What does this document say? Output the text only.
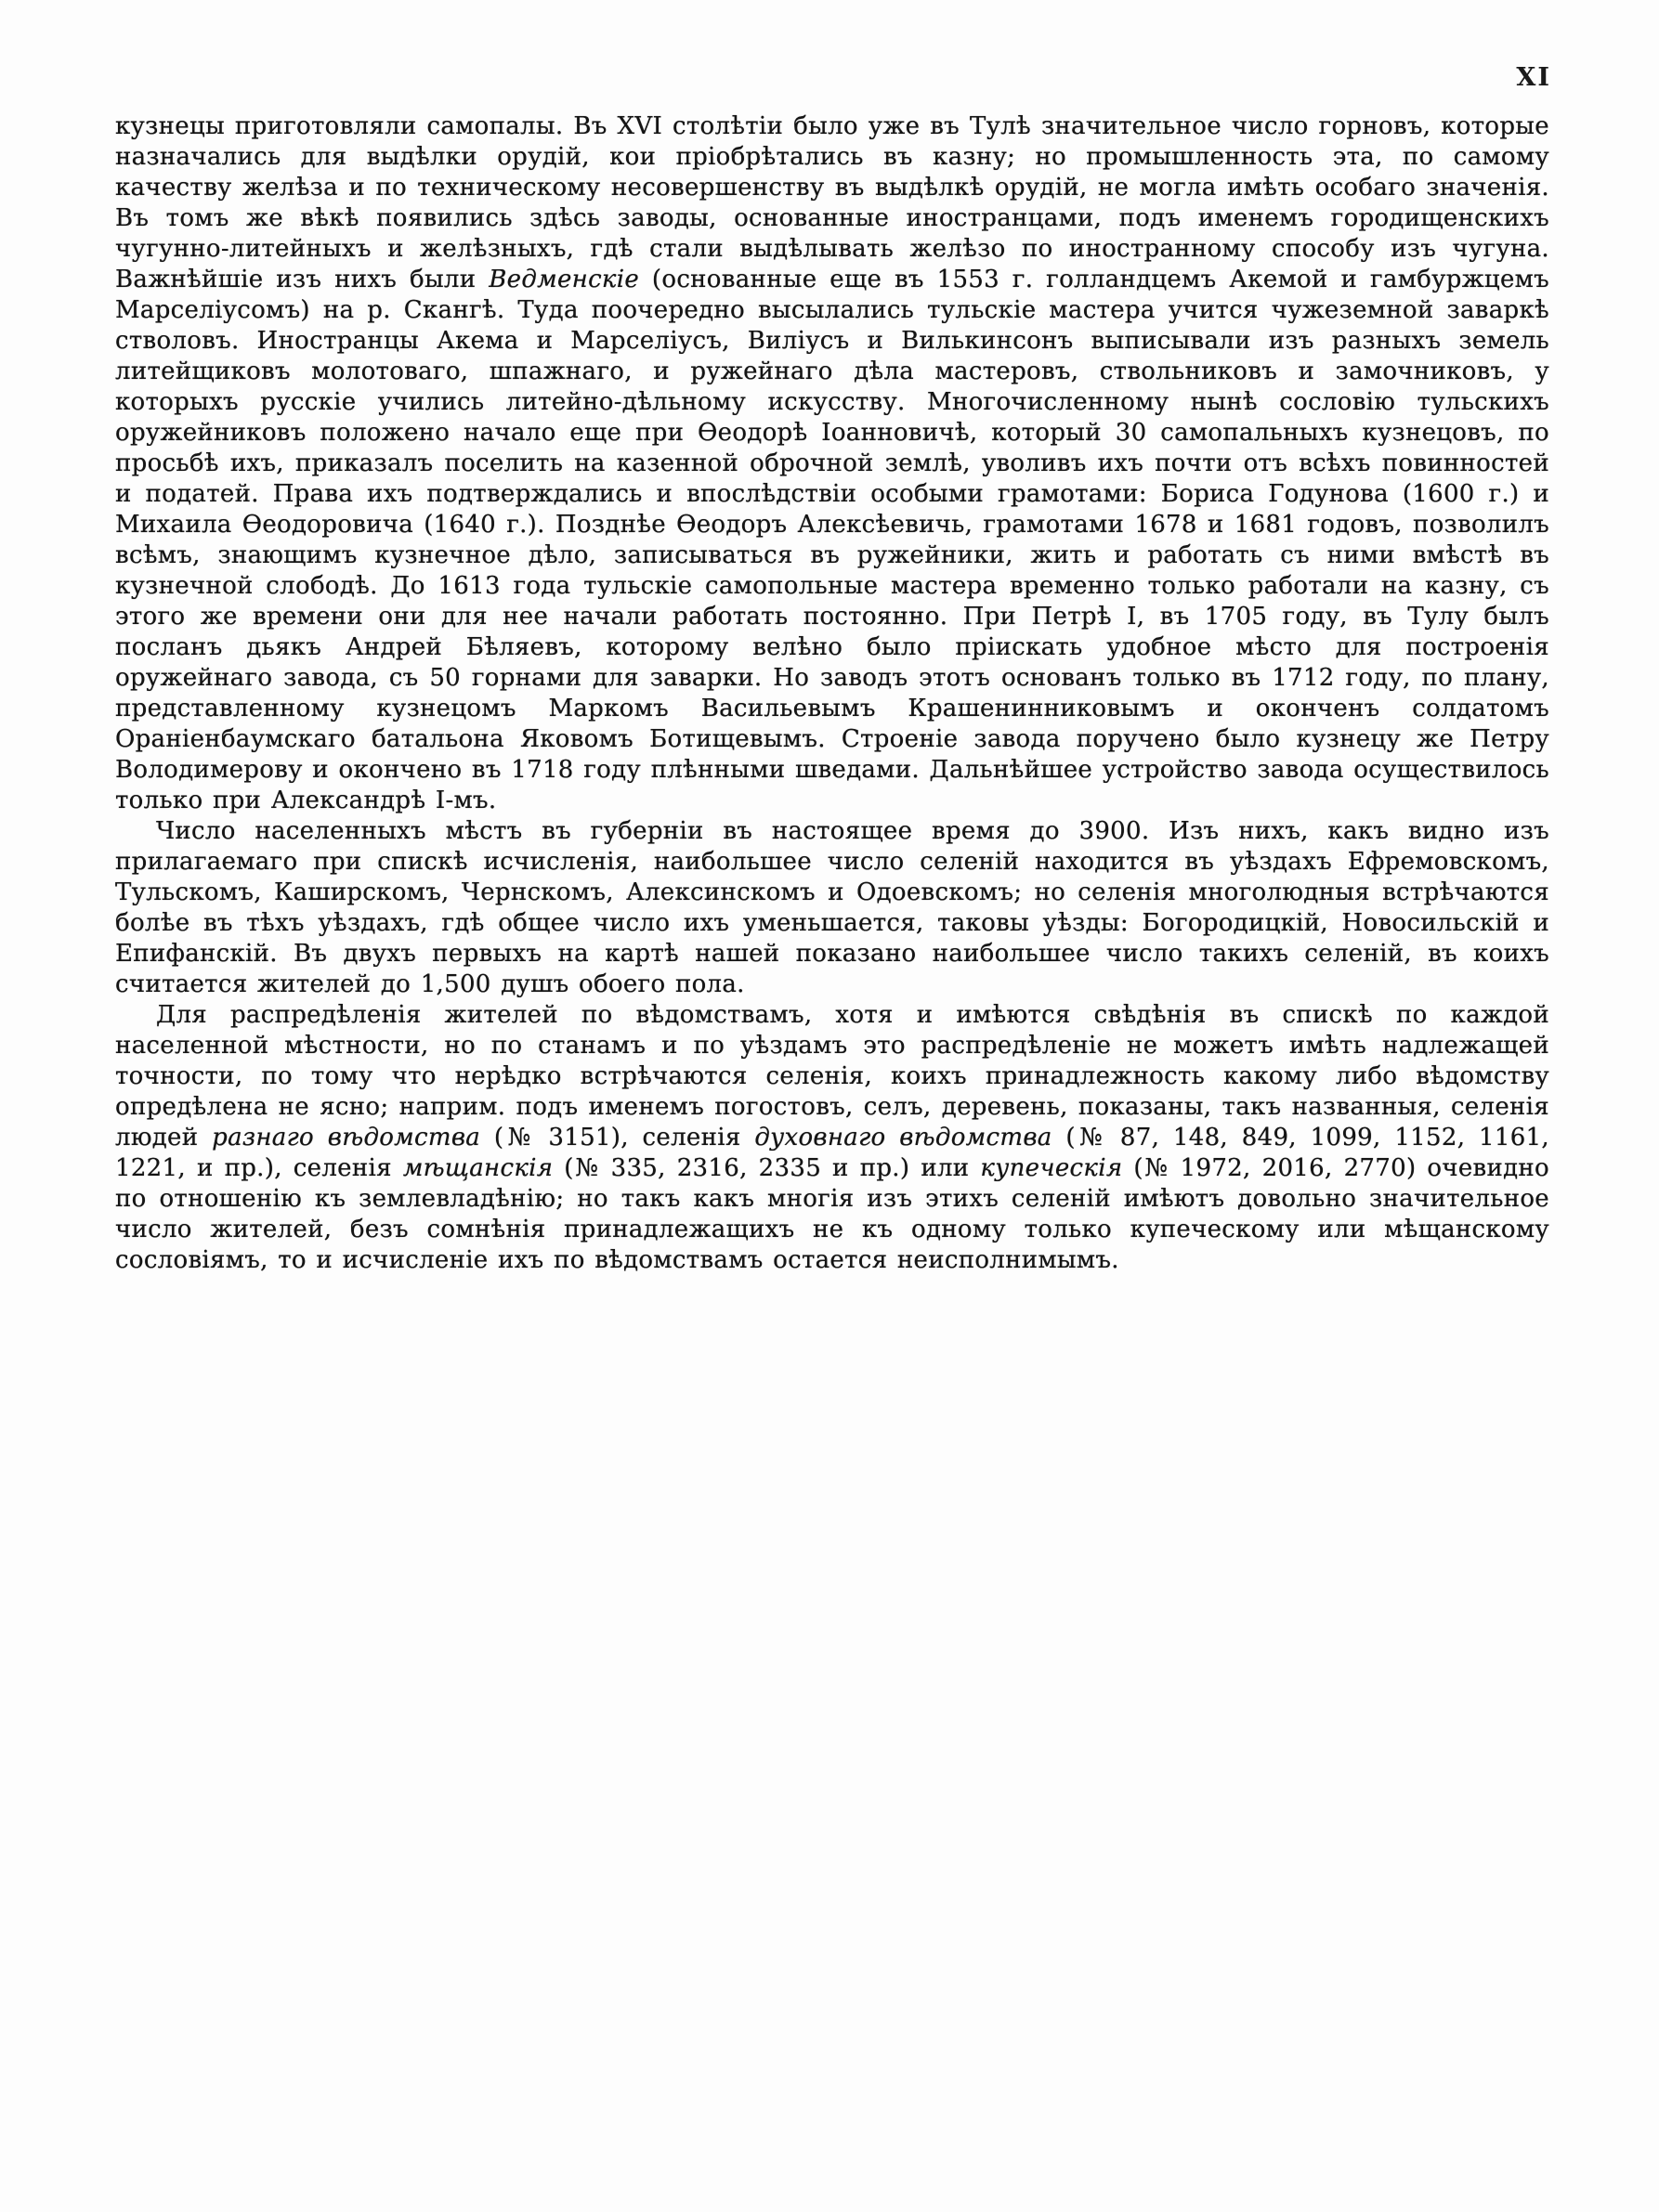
XI

кузнецы приготовляли самопалы. Въ XVI столѣтіи было уже въ Тулѣ значительное число горновъ, которые назначались для выдѣлки орудій, кои пріобрѣтались въ казну; но промышленность эта, по самому качеству желѣза и по техническому несовершенству въ выдѣлкѣ орудій, не могла имѣть особаго значенія. Въ томъ же вѣкѣ появились здѣсь заводы, основанные иностранцами, подъ именемъ городищенскихъ чугунно-литейныхъ и желѣзныхъ, гдѣ стали выдѣлывать желѣзо по иностранному способу изъ чугуна. Важнѣйшіе изъ нихъ были Ведменскіе (основанные еще въ 1553 г. голландцемъ Акемой и гамбуржцемъ Марселіусомъ) на р. Скангѣ. Туда поочередно высылались тульскіе мастера учится чужеземной заваркѣ стволовъ. Иностранцы Акема и Марселіусъ, Виліусъ и Вилькинсонъ выписывали изъ разныхъ земель литейщиковъ молотоваго, шпажнаго, и ружейнаго дѣла мастеровъ, ствольниковъ и замочниковъ, у которыхъ русскіе учились литейно-дѣльному искусству. Многочисленному нынѣ сословію тульскихъ оружейниковъ положено начало еще при Ѳеодорѣ Іоанновичѣ, который 30 самопальныхъ кузнецовъ, по просьбѣ ихъ, приказалъ поселить на казенной оброчной землѣ, уволивъ ихъ почти отъ всѣхъ повинностей и податей. Права ихъ подтверждались и впослѣдствіи особыми грамотами: Бориса Годунова (1600 г.) и Михаила Ѳеодоровича (1640 г.). Позднѣе Ѳеодоръ Алексѣевичь, грамотами 1678 и 1681 годовъ, позволилъ всѣмъ, знающимъ кузнечное дѣло, записываться въ ружейники, жить и работать съ ними вмѣстѣ въ кузнечной слободѣ. До 1613 года тульскіе самопольные мастера временно только работали на казну, съ этого же времени они для нее начали работать постоянно. При Петрѣ I, въ 1705 году, въ Тулу былъ посланъ дьякъ Андрей Бѣляевъ, которому велѣно было пріискать удобное мѣсто для построенія оружейнаго завода, съ 50 горнами для заварки. Но заводъ этотъ основанъ только въ 1712 году, по плану, представленному кузнецомъ Маркомъ Васильевымъ Крашенинниковымъ и оконченъ солдатомъ Ораніенбаумскаго батальона Яковомъ Ботищевымъ. Строеніе завода поручено было кузнецу же Петру Володимерову и окончено въ 1718 году плѣнными шведами. Дальнѣйшее устройство завода осуществилось только при Александрѣ I-мъ.

Число населенныхъ мѣстъ въ губерніи въ настоящее время до 3900. Изъ нихъ, какъ видно изъ прилагаемаго при спискѣ исчисленія, наибольшее число селеній находится въ уѣздахъ Ефремовскомъ, Тульскомъ, Каширскомъ, Чернскомъ, Алексинскомъ и Одоевскомъ; но селенія многолюдныя встрѣчаются болѣе въ тѣхъ уѣздахъ, гдѣ общее число ихъ уменьшается, таковы уѣзды: Богородицкій, Новосильскій и Епифанскій. Въ двухъ первыхъ на картѣ нашей показано наибольшее число такихъ селеній, въ коихъ считается жителей до 1,500 душъ обоего пола.

Для распредѣленія жителей по вѣдомствамъ, хотя и имѣются свѣдѣнія въ спискѣ по каждой населенной мѣстности, но по станамъ и по уѣздамъ это распредѣленіе не можетъ имѣть надлежащей точности, по тому что нерѣдко встрѣчаются селенія, коихъ принадлежность какому либо вѣдомству опредѣлена не ясно; наприм. подъ именемъ погостовъ, селъ, деревень, показаны, такъ названныя, селенія людей разнаго вѣдомства (№ 3151), селенія духовнаго вѣдомства (№ 87, 148, 849, 1099, 1152, 1161, 1221, и пр.), селенія мѣщанскія (№ 335, 2316, 2335 и пр.) или купеческія (№ 1972, 2016, 2770) очевидно по отношенію къ землевладѣнію; но такъ какъ многія изъ этихъ селеній имѣютъ довольно значительное число жителей, безъ сомнѣнія принадлежащихъ не къ одному только купеческому или мѣщанскому сословіямъ, то и исчисленіе ихъ по вѣдомствамъ остается неисполнимымъ.
